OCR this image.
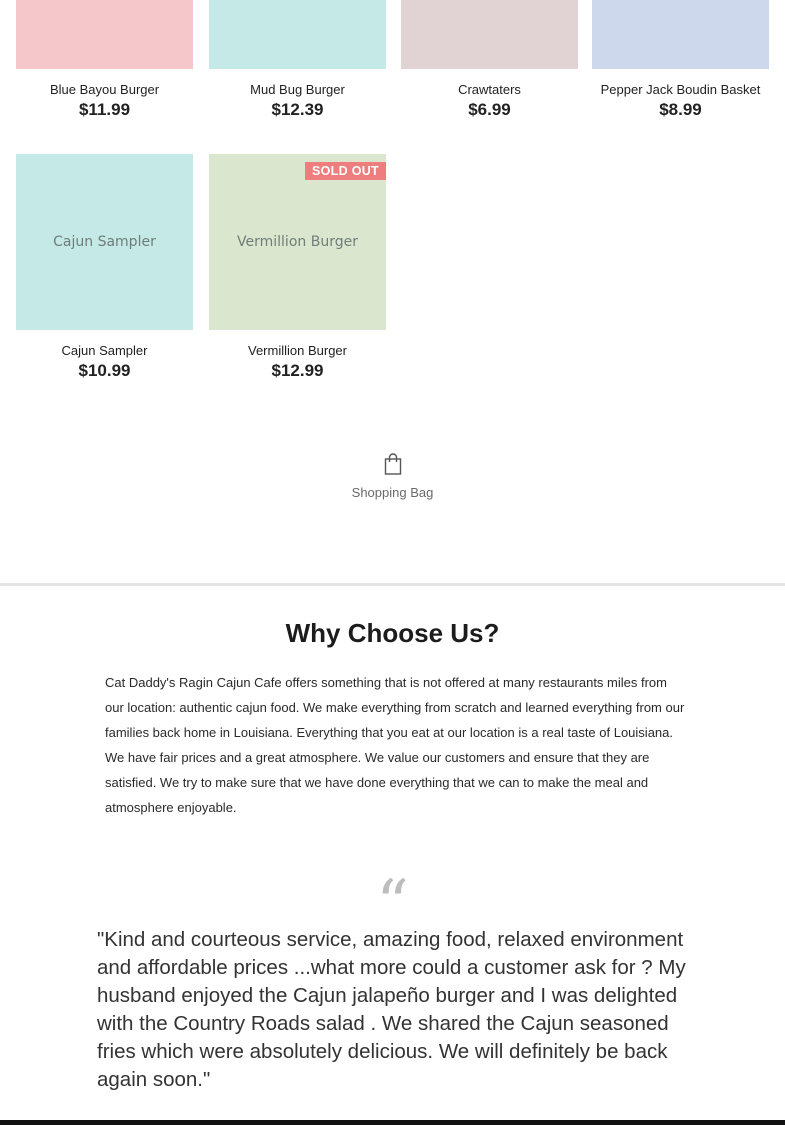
Blue Bayou Burger
$11.99
Mud Bug Burger
$12.39
Crawtaters
$6.99
Pepper Jack Boudin Basket
$8.99
Cajun Sampler
Cajun Sampler
$10.99
Vermillion Burger
SOLD OUT
Vermillion Burger
$12.99
Shopping Bag
Why Choose Us?

Cat Daddy's Ragin Cajun Cafe offers something that is not offered at many restaurants miles from our location: authentic cajun food. We make everything from scratch and learned everything from our families back home in Louisiana. Everything that you eat at our location is a real taste of Louisiana. We have fair prices and a great atmosphere. We value our customers and ensure that they are satisfied. We try to make sure that we have done everything that we can to make the meal and atmosphere enjoyable.

“

"Kind and courteous service, amazing food, relaxed environment and affordable prices ...what more could a customer ask for ? My husband enjoyed the Cajun jalapeño burger and I was delighted with the Country Roads salad . We shared the Cajun seasoned fries which were absolutely delicious. We will definitely be back again soon."
